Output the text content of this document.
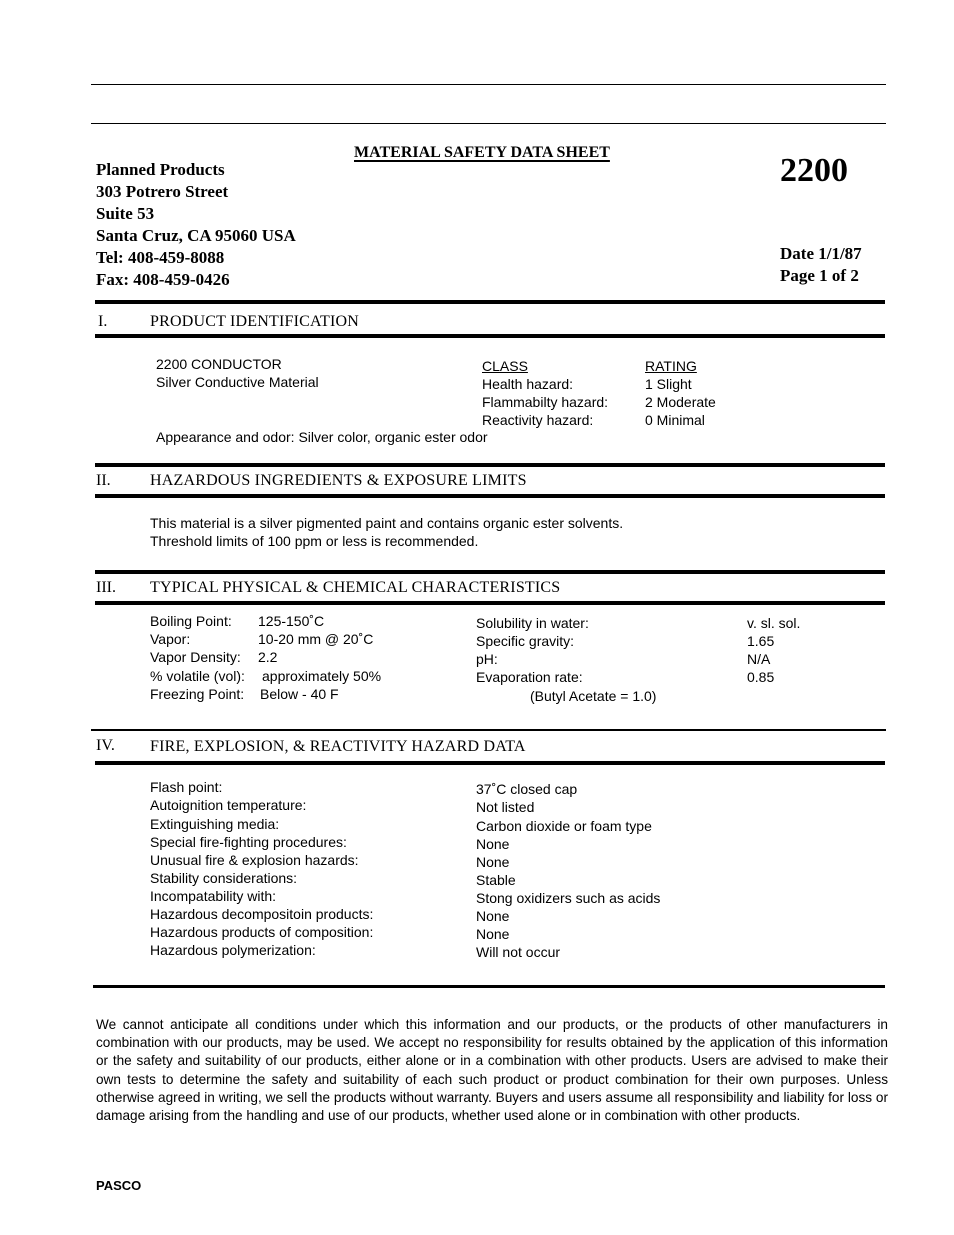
MATERIAL SAFETY DATA SHEET	2200
Planned Products
303 Potrero Street
Suite 53
Santa Cruz, CA 95060 USA
Tel: 408-459-8088
Fax: 408-459-0426
Date 1/1/87
Page 1 of 2
I.	PRODUCT IDENTIFICATION
2200 CONDUCTOR
Silver Conductive Material
CLASS	RATING
Health hazard:	1 Slight
Flammabilty hazard:	2 Moderate
Reactivity hazard:	0 Minimal
Appearance and odor: Silver color, organic ester odor
II. HAZARDOUS INGREDIENTS & EXPOSURE LIMITS
This material is a silver pigmented paint and contains organic ester solvents.
Threshold limits of 100 ppm or less is recommended.
III. TYPICAL PHYSICAL & CHEMICAL CHARACTERISTICS
Boiling Point: 125-150˚C
Vapor:	10-20 mm @ 20˚C
Vapor Density: 2.2
% volatile (vol): approximately 50%
Freezing Point: Below - 40 F
Solubility in water:	v. sl. sol.
Specific gravity:	1.65
pH:	N/A
Evaporation rate:	0.85
(Butyl Acetate = 1.0)
IV. FIRE, EXPLOSION, & REACTIVITY HAZARD DATA
Flash point:	37˚C closed cap
Autoignition temperature:	Not listed
Extinguishing media:	Carbon dioxide or foam type
Special fire-fighting procedures:	None
Unusual fire & explosion hazards:	None
Stability considerations:	Stable
Incompatability with:	Stong oxidizers such as acids
Hazardous decompositoin products:	None
Hazardous products of composition:	None
Hazardous polymerization:	Will not occur
We cannot anticipate all conditions under which this information and our products, or the products of other manufacturers in combination with our products, may be used. We accept no responsibility for results obtained by the application of this information or the safety and suitability of our products, either alone or in a combination with other products. Users are advised to make their own tests to determine the safety and suitability of each such product or product combination for their own purposes. Unless otherwise agreed in writing, we sell the products without warranty. Buyers and users assume all responsibility and liability for loss or damage arising from the handling and use of our products, whether used alone or in combination with other products.
PASCO
